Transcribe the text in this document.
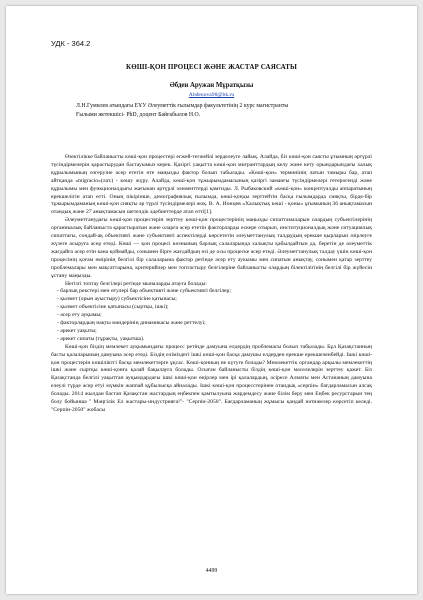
УДК - 364.2
КӨШІ-ҚОН ПРОЦЕСІ ЖӘНЕ ЖАСТАР САЯСАТЫ
Әбден Аружан Мұратқызы
Abdenova98@bk.ru
Л.Н.Гумилев атындағы ЕҰУ Әлеуметтік ғылымдар факультетінің 2 курс магистранты
Ғылыми жетекшісі- PhD, доцент Байғабылов Н.О.

Өзектілікке байланысты көші-қон процестері егжей-тегжейлі зерделеуге лайық. Алайда, біз көші-қон саясты ұтымның әртүрлі түсіндірмелерін қарастырудан бастауымыз керек. Қазіргі уақытта көші-қон мигранттардың келу және кету орындарындағы халық құрылымының өзгеруіне әсер ететін өте маңызды фактор болып табылады. «Көші-қон» терминінің латын тамыры бар, атап айтқанда «migracio»(лат.) - көшу жүру. Алайда, көші-қон тұжырымдамасының қазіргі заманғы түсіндірмелері гетерогенді және құрылымы мен функционалдығы жағынан әртүрлі элементтерді қамтиды. Л. Рыбаковский «көші-қон» концептуалды аппаратының ерекшелігін атап өтті. Оның пікірінше, демографиялық ғылымда, көші-қонды зерттейтін басқа ғылымдарда сияқты, бірде-бір тұжырымдаманың көші-қон сияқты әр түрлі түсіндірмелері жоқ. В. А. Ионцев «Халықтық көші - қоны» ұғымының 36 анықтамасын отандық және 27 анықтамасын шетелдік әдебиеттерде атап өтті[1].

Әлеуметтанудағы көші-қон процестерін зерттеу көші-қон процестерінің маңызды сипаттамаларын олардың субъектілерінің органикалық байланыста қарастыратын және оларға әсер ететін факторларды ескере отырып, институционалдық және ситуациялық сипаттағы, сондай-ақ объективті және субъективті аспектілерді көрсететін әлеуметтанулық талдаудың ерекше қырларын әзірлеуге жүзеге асыруға әсер етеді. Көші — қон процесі көзнының барлық салаларында халықты қабылдайтын да, беретін де әлеуметтік жағдайға әсер етін кана қоймайды, сонымен бірге жағдайдың өзі де осы процеске әсер етеді. Әлеуметтанулық талдау үшін көші-қон процесінің қоғам өмірінің белгілі бір салаларына фактор ретінде әсер ету аукымы мен сипатын анықтау, сонымен қатар зерттеу проблемалары мен мақсаттарына, критерийлер мен топтастыру белгілеріне байланысты олардың білектілігінің белгілі бір жүйесін ұстану маңызды.

Негізгі топтау белгілері ретінде мыналарды атауға болады:

- барлық рекстері мен өтулері бар объективті және субъективті белгілер;
- қызмет (орын ауыстыру) субъектісіне қатынасы;
- қызмет объектісіне қатынасы (сыртқы, ішкі);
- әсер ету ауқымы;
- факторлардың нақты мәндерінің динамикасы және реттелуі;
- әрекет уақыты;
- әрекет сипаты (тұрақты, уақытша).

Көші-қон біздің мемлекет ауқымындағы процесс ретінде дамуына елдердің проблемасы болып табылады. Бұл Қазақстанның басты қалаларының дамуына әсер етеді. Біздің еліміздегі ішкі көші-қон басқа дамушы елдерден ерекше ерекшеленбейді. Ішкі көші-қон процестерін көшіліктгі басқа мемлекеттерге ұқсас. Көші-қонның не күтуге болады? Мемлекеттік органдар арқылы мемлекеттің ішкі және сыртқы көші-қонға қалай бақылауға болады. Осыған байланысты біздің көші-қон мәселелерін зерттеу қажет. Біз Қазақстанда белгілі уақыттан ауқымдардағы ішкі көші-қон өңірлер мен ірі қалалардың, әсіресе Алматы мен Астананың дамуына елеулі түрде әсер етуі мүмкін жаппай құбылысқа айналады. Ішкі көші-қон процесстерінен отандық «серпін» бағдарламасын алсақ болады. 2014 жылдан бастап Қазақстан жастардың еңбекпен қамтылуына жәрдемдесу және білім беру мен Еңбек ресурстарын тең болу бойынша " Мәңгілік Ел жастары-индустрияға!"- "Серпін-2050". Бағдарламаның жұмысы қандай нәтижелер көрсетіп келеді. "Серпін-2050" жобасы

4499
